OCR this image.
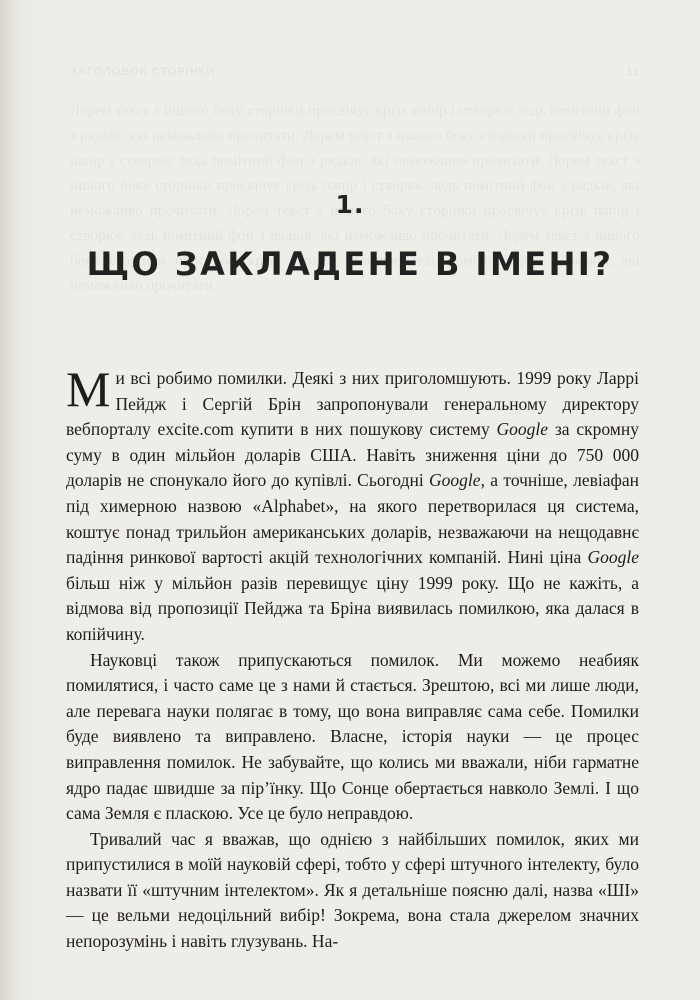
1.
ЩО ЗАКЛАДЕНЕ В ІМЕНІ?

Ми всі робимо помилки. Деякі з них приголомшують. 1999 року Ларрі Пейдж і Сергій Брін запропонували генеральному директору вебпорталу excite.com купити в них пошукову систему Google за скромну суму в один мільйон доларів США. Навіть зниження ціни до 750 000 доларів не спонукало його до купівлі. Сьогодні Google, а точніше, левіафан під химерною назвою «Alphabet», на якого перетворилася ця система, коштує понад трильйон американських доларів, незважаючи на нещодавнє падіння ринкової вартості акцій технологічних компаній. Нині ціна Google більш ніж у мільйон разів перевищує ціну 1999 року. Що не кажіть, а відмова від пропозиції Пейджа та Бріна виявилась помилкою, яка далася в копійчину.

Науковці також припускаються помилок. Ми можемо неабияк помилятися, і часто саме це з нами й стається. Зрештою, всі ми лише люди, але перевага науки полягає в тому, що вона виправляє сама себе. Помилки буде виявлено та виправлено. Власне, історія науки — це процес виправлення помилок. Не забувайте, що колись ми вважали, ніби гарматне ядро падає швидше за пір’їнку. Що Сонце обертається навколо Землі. І що сама Земля є пласкою. Усе це було неправдою.

Тривалий час я вважав, що однією з найбільших помилок, яких ми припустилися в моїй науковій сфері, тобто у сфері штучного інтелекту, було назвати її «штучним інтелектом». Як я детальніше поясню далі, назва «ШІ» — це вельми недоцільний вибір! Зокрема, вона стала джерелом значних непорозумінь і навіть глузувань. На-
